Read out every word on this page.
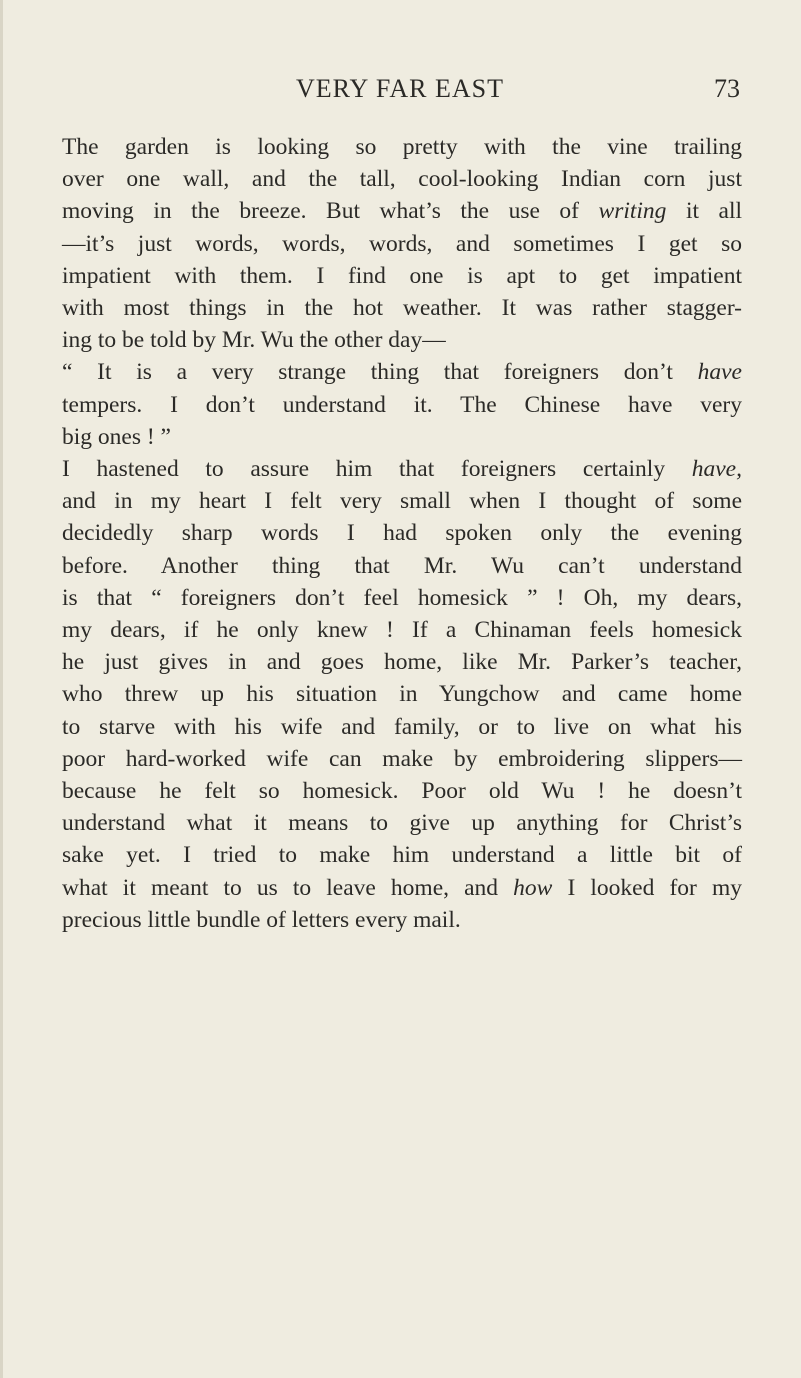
VERY FAR EAST	73
The garden is looking so pretty with the vine trailing
over one wall, and the tall, cool-looking Indian corn just
moving in the breeze. But what’s the use of writing it all
—it’s just words, words, words, and sometimes I get so
impatient with them. I find one is apt to get impatient
with most things in the hot weather. It was rather stagger-
ing to be told by Mr. Wu the other day—
“ It is a very strange thing that foreigners don’t have
tempers. I don’t understand it. The Chinese have very
big ones ! ”
I hastened to assure him that foreigners certainly have,
and in my heart I felt very small when I thought of some
decidedly sharp words I had spoken only the evening
before. Another thing that Mr. Wu can’t understand
is that “ foreigners don’t feel homesick ” ! Oh, my dears,
my dears, if he only knew ! If a Chinaman feels homesick
he just gives in and goes home, like Mr. Parker’s teacher,
who threw up his situation in Yungchow and came home
to starve with his wife and family, or to live on what his
poor hard-worked wife can make by embroidering slippers—
because he felt so homesick. Poor old Wu ! he doesn’t
understand what it means to give up anything for Christ’s
sake yet. I tried to make him understand a little bit of
what it meant to us to leave home, and how I looked for my
precious little bundle of letters every mail.
